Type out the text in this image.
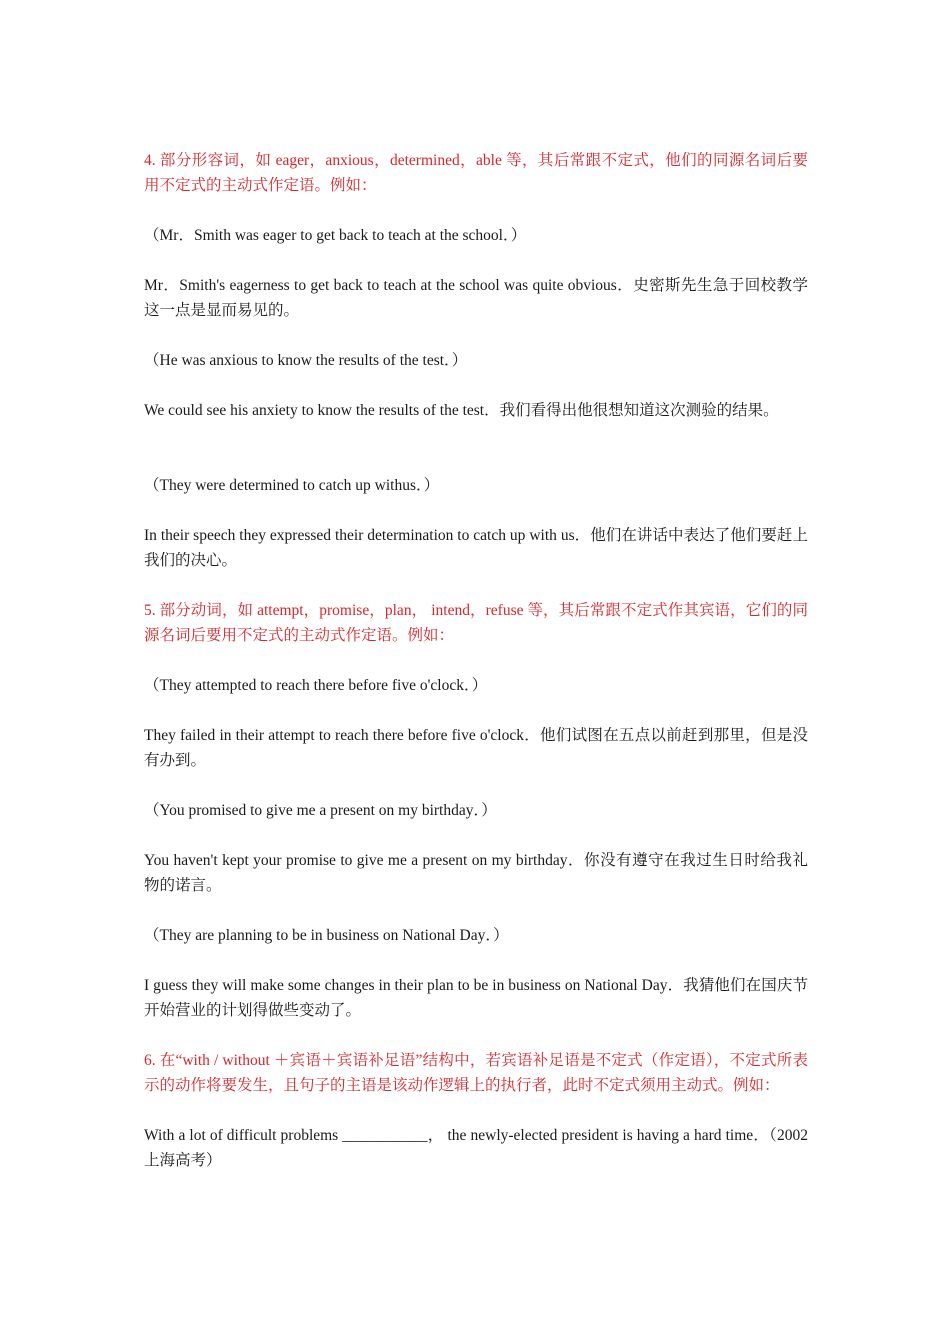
4. 部分形容词，如 eager，anxious，determined，able 等，其后常跟不定式，他们的同源名词后要用不定式的主动式作定语。例如：

（Mr．Smith was eager to get back to teach at the school．）

Mr．Smith's eagerness to get back to teach at the school was quite obvious．史密斯先生急于回校教学这一点是显而易见的。

（He was anxious to know the results of the test．）

We could see his anxiety to know the results of the test．我们看得出他很想知道这次测验的结果。

（They were determined to catch up withus．）

In their speech they expressed their determination to catch up with us．他们在讲话中表达了他们要赶上我们的决心。

5. 部分动词，如 attempt，promise，plan， intend，refuse 等，其后常跟不定式作其宾语，它们的同源名词后要用不定式的主动式作定语。例如：

（They attempted to reach there before five o'clock．）

They failed in their attempt to reach there before five o'clock．他们试图在五点以前赶到那里，但是没有办到。

（You promised to give me a present on my birthday．）

You haven't kept your promise to give me a present on my birthday．你没有遵守在我过生日时给我礼物的诺言。

（They are planning to be in business on National Day．）

I guess they will make some changes in their plan to be in business on National Day．我猜他们在国庆节开始营业的计划得做些变动了。

6. 在“with / without ＋宾语＋宾语补足语”结构中，若宾语补足语是不定式（作定语），不定式所表示的动作将要发生，且句子的主语是该动作逻辑上的执行者，此时不定式须用主动式。例如：

With a lot of difficult problems ___________， the newly-elected president is having a hard time．（2002 上海高考）
